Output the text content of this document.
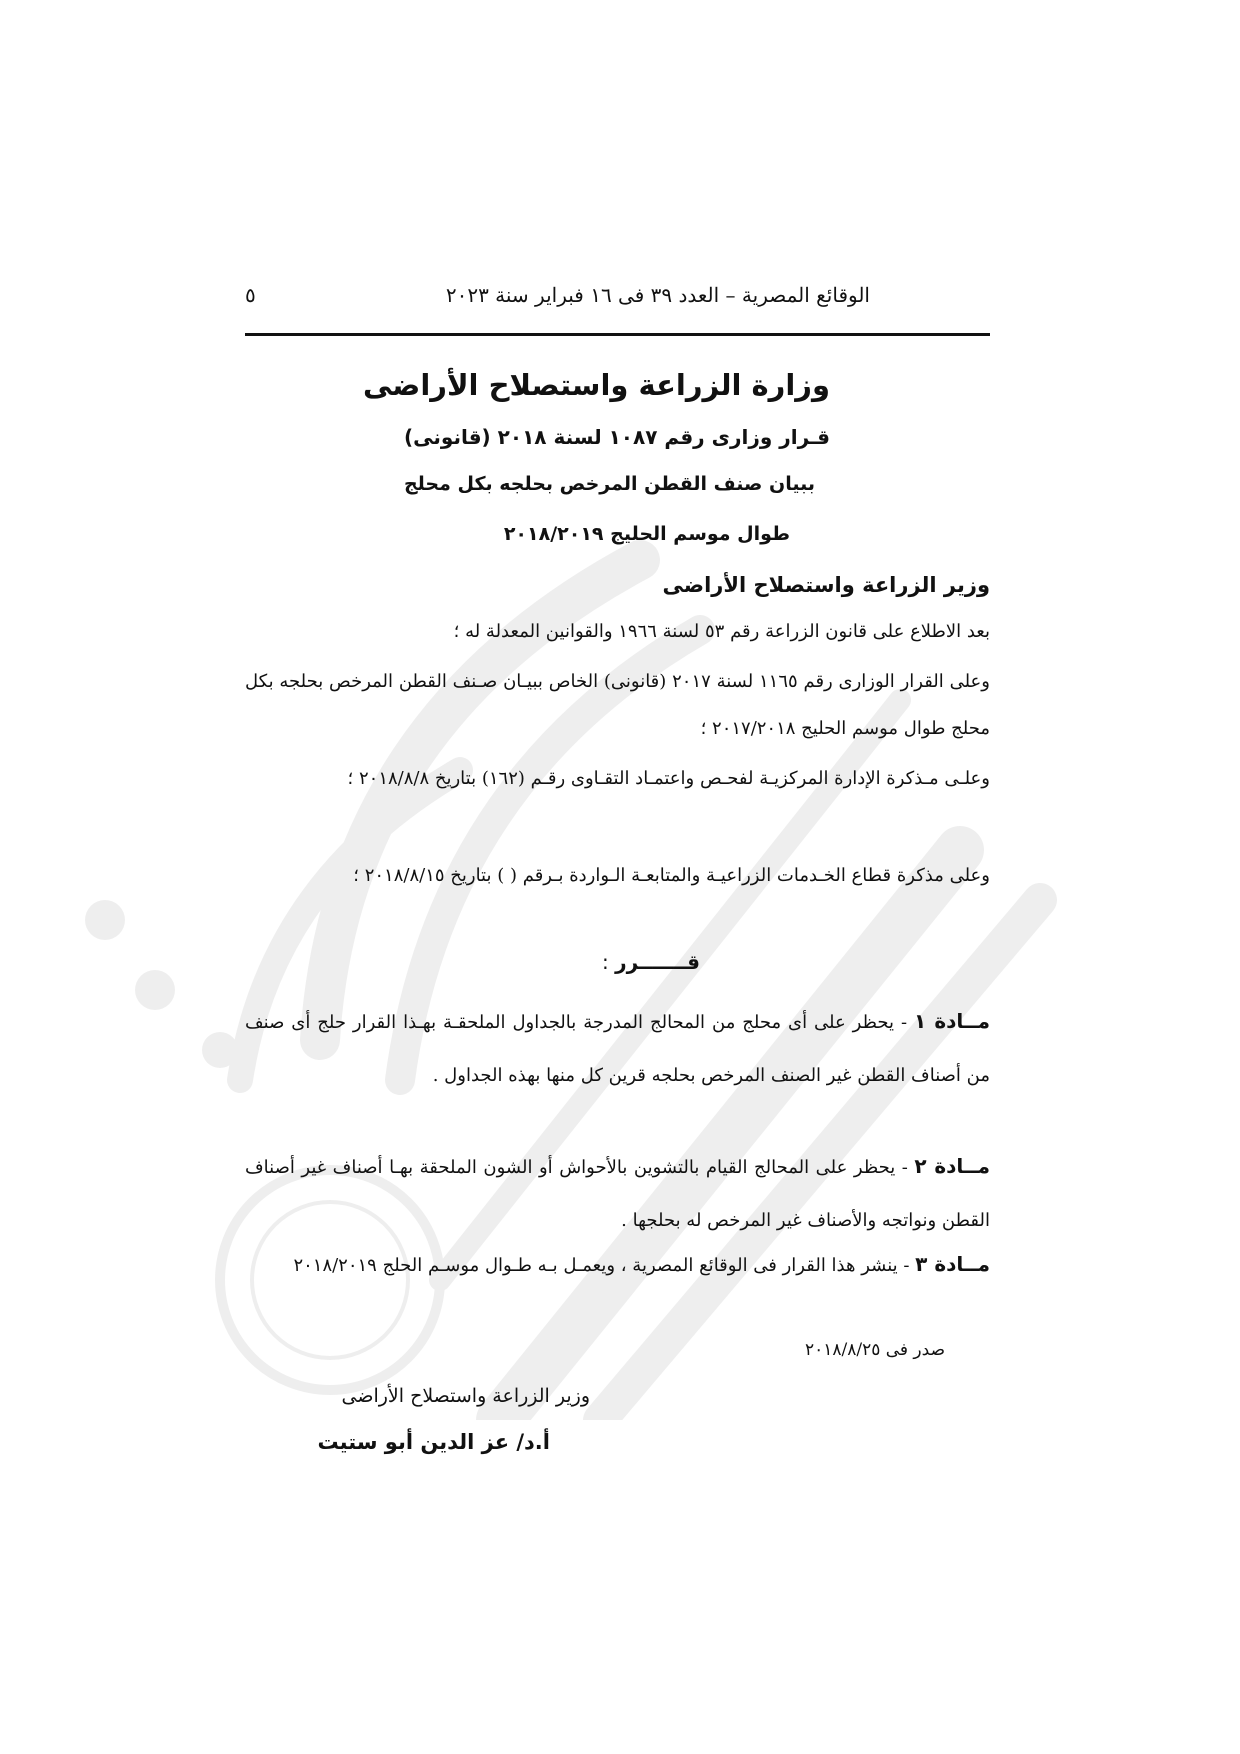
الوقائع المصرية – العدد ٣٩ فى ١٦ فبراير سنة ٢٠٢٣
٥
وزارة الزراعة واستصلاح الأراضى
قـرار وزارى رقم ١٠٨٧ لسنة ٢٠١٨ (قانونى)
ببيان صنف القطن المرخص بحلجه بكل محلج
طوال موسم الحليج ٢٠١٨/٢٠١٩
وزير الزراعة واستصلاح الأراضى
بعد الاطلاع على قانون الزراعة رقم ٥٣ لسنة ١٩٦٦ والقوانين المعدلة له ؛
وعلى القرار الوزارى رقم ١١٦٥ لسنة ٢٠١٧ (قانونى) الخاص ببيـان صـنف القطن المرخص بحلجه بكل محلج طوال موسم الحليج ٢٠١٧/٢٠١٨ ؛
وعلـى مـذكرة الإدارة المركزيـة لفحـص واعتمـاد التقـاوى رقـم (١٦٢) بتاريخ ٢٠١٨/٨/٨ ؛
وعلى مذكرة قطاع الخـدمات الزراعيـة والمتابعـة الـواردة بـرقم ( ) بتاريخ ٢٠١٨/٨/١٥ ؛
قـــــــرر :
مــادة ١ - يحظر على أى محلج من المحالج المدرجة بالجداول الملحقـة بهـذا القرار حلج أى صنف من أصناف القطن غير الصنف المرخص بحلجه قرين كل منها بهذه الجداول .
مــادة ٢ - يحظر على المحالج القيام بالتشوين بالأحواش أو الشون الملحقة بهـا أصناف غير أصناف القطن ونواتجه والأصناف غير المرخص له بحلجها .
مــادة ٣ - ينشر هذا القرار فى الوقائع المصرية ، ويعمـل بـه طـوال موسـم الحلج ٢٠١٨/٢٠١٩
صدر فى ٢٠١٨/٨/٢٥
وزير الزراعة واستصلاح الأراضى
أ.د/ عز الدين أبو ستيت
